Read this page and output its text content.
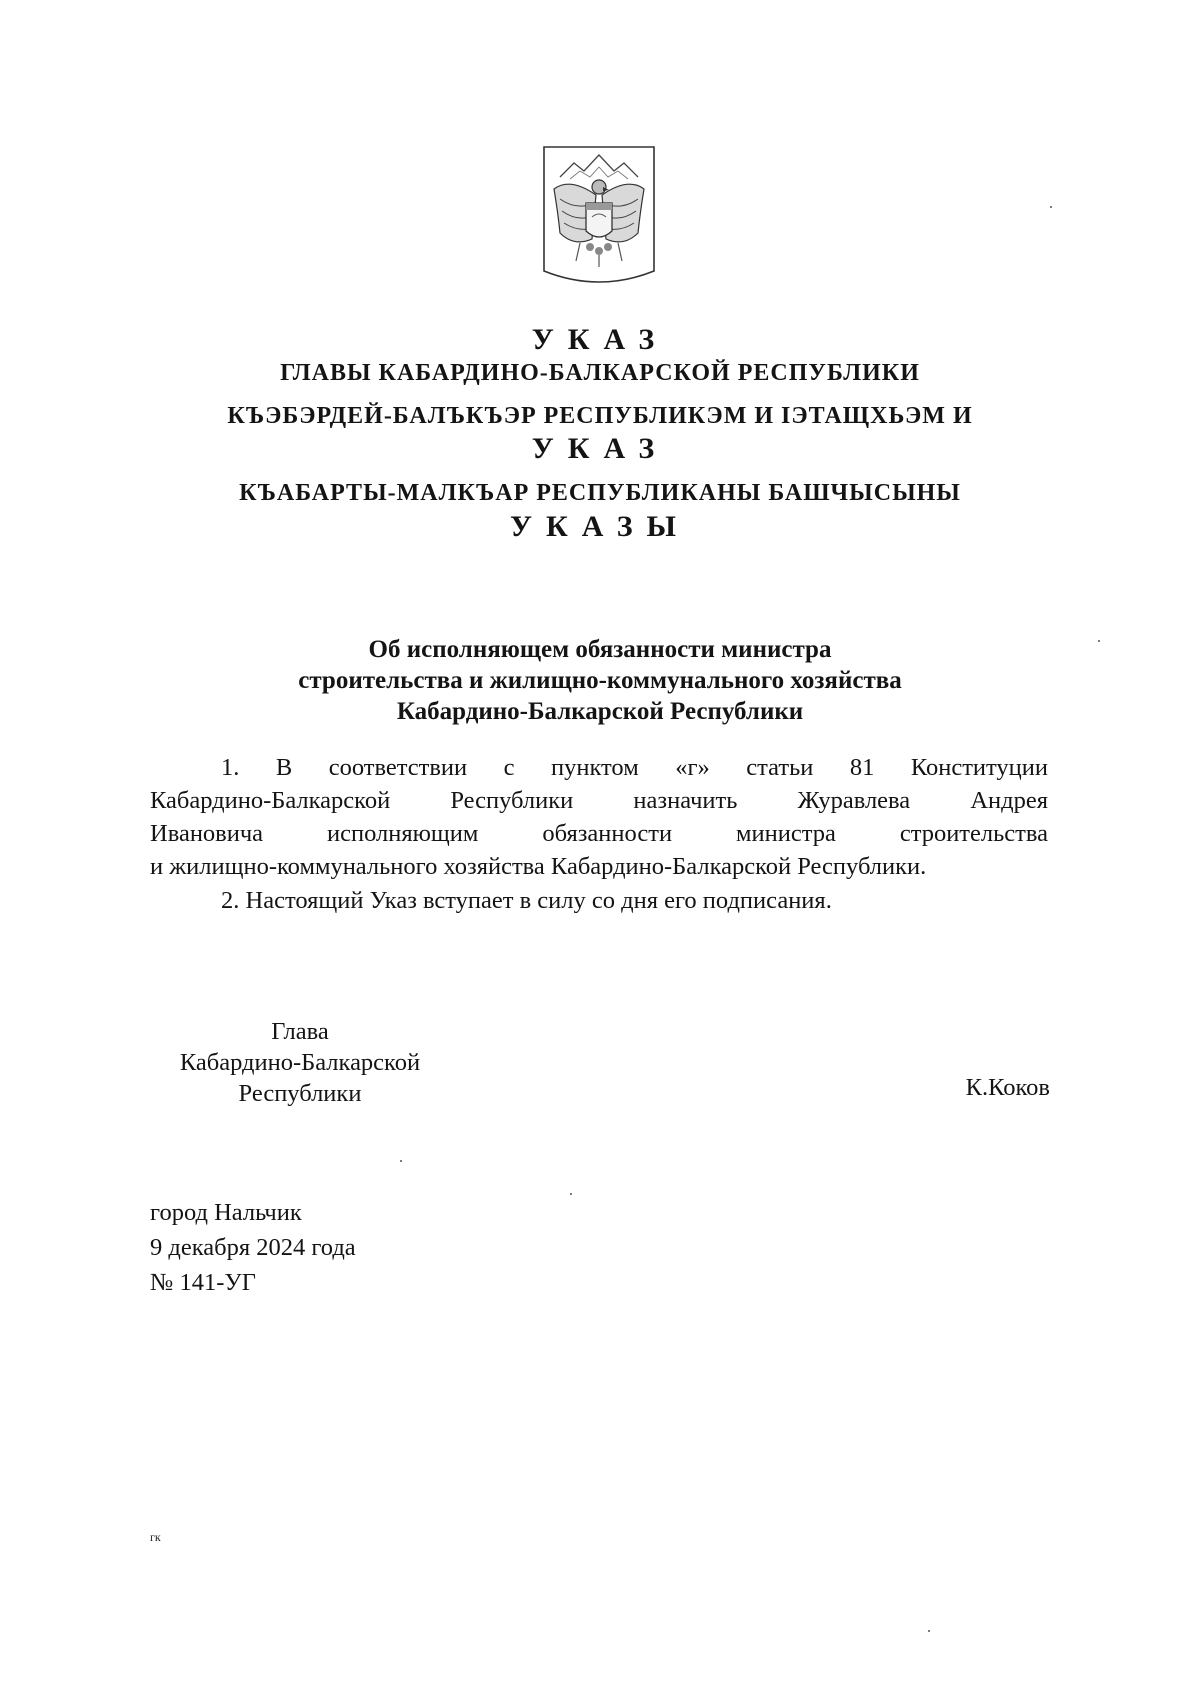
УКАЗ
ГЛАВЫ КАБАРДИНО-БАЛКАРСКОЙ РЕСПУБЛИКИ
КЪЭБЭРДЕЙ-БАЛЪКЪЭР РЕСПУБЛИКЭМ И IЭТАЩХЬЭМ И
УКАЗ
КЪАБАРТЫ-МАЛКЪАР РЕСПУБЛИКАНЫ БАШЧЫСЫНЫ
УКАЗЫ
Об исполняющем обязанности министра
строительства и жилищно-коммунального хозяйства
Кабардино-Балкарской Республики
1. В соответствии с пунктом «г» статьи 81 Конституции
Кабардино-Балкарской Республики назначить Журавлева Андрея
Ивановича исполняющим обязанности министра строительства
и жилищно-коммунального хозяйства Кабардино-Балкарской Республики.
2. Настоящий Указ вступает в силу со дня его подписания.
Глава
Кабардино-Балкарской
Республики	К.Коков
город Нальчик
9 декабря 2024 года
№ 141-УГ
гк
